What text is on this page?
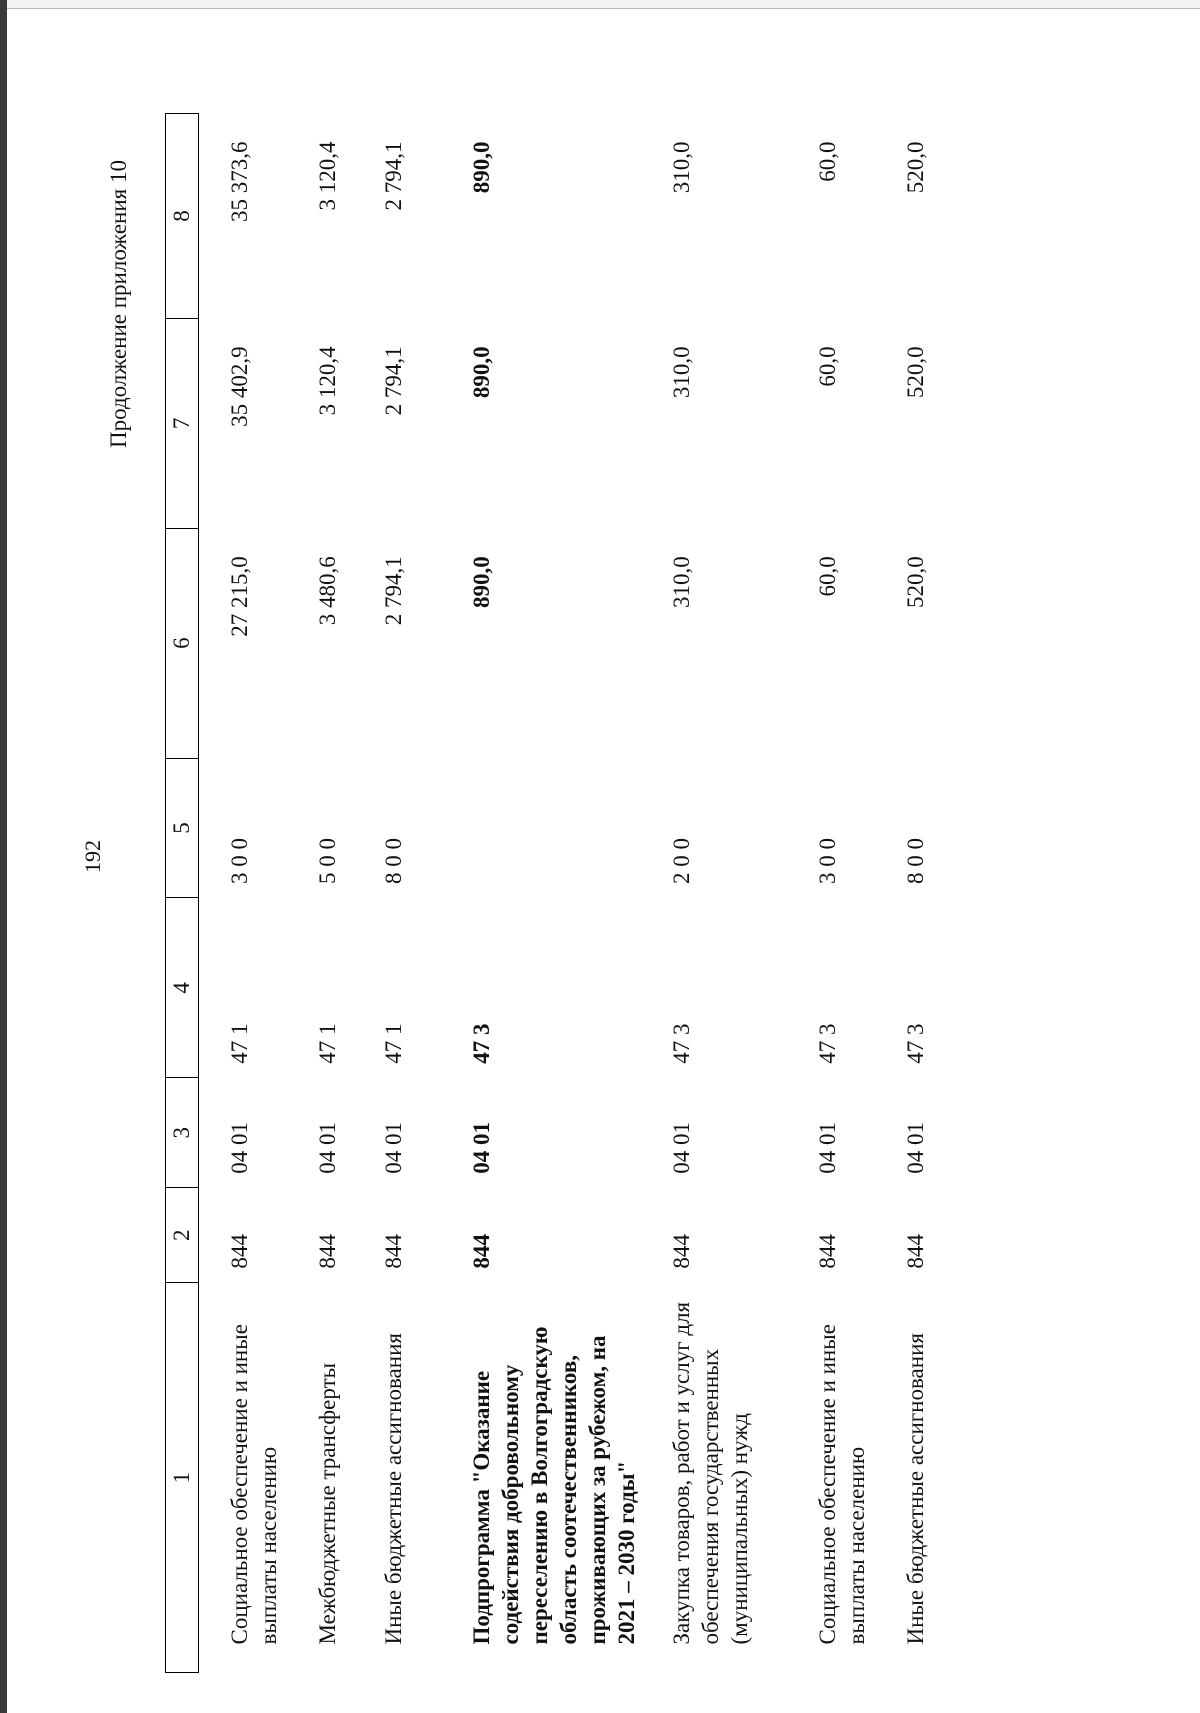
192
Продолжение приложения 10
1	2	3	4	5	6	7	8
Социальное обеспечение и иные выплаты населению	844	04 01	47 1	3 0 0	27 215,0	35 402,9	35 373,6
Межбюджетные трансферты	844	04 01	47 1	5 0 0	3 480,6	3 120,4	3 120,4
Иные бюджетные ассигнования	844	04 01	47 1	8 0 0	2 794,1	2 794,1	2 794,1
Подпрограмма "Оказание содействия добровольному переселению в Волгоградскую область соотечественников, проживающих за рубежом, на 2021 – 2030 годы"	844	04 01	47 3		890,0	890,0	890,0
Закупка товаров, работ и услуг для обеспечения государственных (муниципальных) нужд	844	04 01	47 3	2 0 0	310,0	310,0	310,0
Социальное обеспечение и иные выплаты населению	844	04 01	47 3	3 0 0	60,0	60,0	60,0
Иные бюджетные ассигнования	844	04 01	47 3	8 0 0	520,0	520,0	520,0
